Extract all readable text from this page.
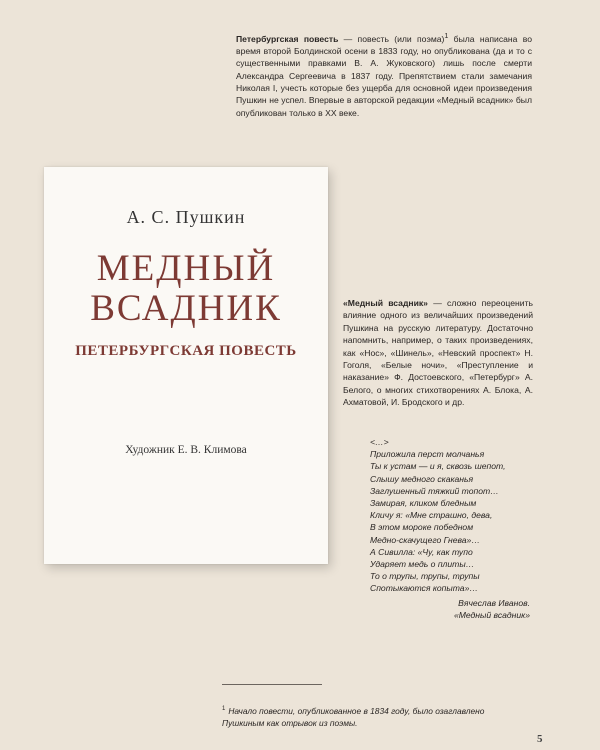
Петербургская повесть — повесть (или поэма)$^1$ была написана во время второй Болдинской осени в 1833 году, но опубликована (да и то с существенными правками В. А. Жуковского) лишь после смерти Александра Сергеевича в 1837 году. Препятствием стали замечания Николая I, учесть которые без ущерба для основной идеи произведения Пушкин не успел. Впервые в авторской редакции «Медный всадник» был опубликован только в XX веке.
А. С. Пушкин
МЕДНЫЙ
ВСАДНИК
ПЕТЕРБУРГСКАЯ ПОВЕСТЬ
Художник Е. В. Климова
«Медный всадник» — сложно переоценить влияние одного из величайших произведений Пушкина на русскую литературу. Достаточно напомнить, например, о таких произведениях, как «Нос», «Шинель», «Невский проспект» Н. Гоголя, «Белые ночи», «Преступление и наказание» Ф. Достоевского, «Петербург» А. Белого, о многих стихотворениях А. Блока, А. Ахматовой, И. Бродского и др.
<…>
Приложила перст молчанья
Ты к устам — и я, сквозь шепот,
Слышу медного скаканья
Заглушенный тяжкий топот…
Замирая, кликом бледным
Кличу я: «Мне страшно, дева,
В этом мороке победном
Медно-скачущего Гнева»…
А Сивилла: «Чу, как тупо
Ударяет медь о плиты…
То о трупы, трупы, трупы
Спотыкаются копыта»…
Вячеслав Иванов.
«Медный всадник»
$^1$ Начало повести, опубликованное в 1834 году, было озаглавлено Пушкиным как отрывок из поэмы.
5
